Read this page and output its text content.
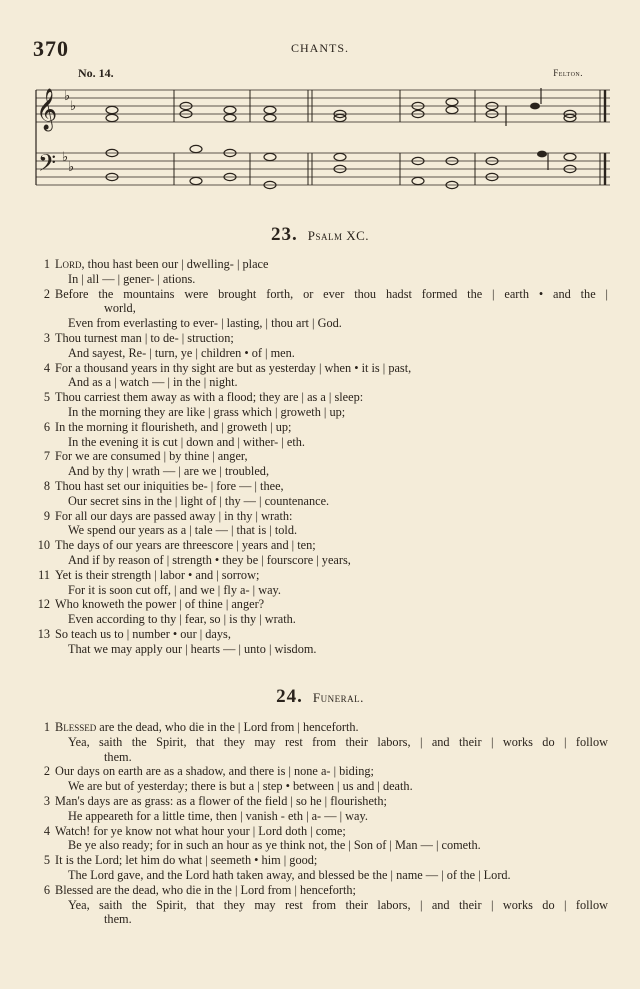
370	CHANTS.
No. 14.	Felton.
𝄞
𝄢
♭
♭
♭
♭
23. Psalm XC.
1 Lord, thou hast been our | dwelling- | place
In | all — | gener- | ations.
2 Before the mountains were brought forth, or ever thou hadst formed the | earth • and the |
world,
Even from everlasting to ever- | lasting, | thou art | God.
3 Thou turnest man | to de- | struction;
And sayest, Re- | turn, ye | children • of | men.
4 For a thousand years in thy sight are but as yesterday | when • it is | past,
And as a | watch — | in the | night.
5 Thou carriest them away as with a flood; they are | as a | sleep:
In the morning they are like | grass which | groweth | up;
6 In the morning it flourisheth, and | groweth | up;
In the evening it is cut | down and | wither- | eth.
7 For we are consumed | by thine | anger,
And by thy | wrath — | are we | troubled,
8 Thou hast set our iniquities be- | fore — | thee,
Our secret sins in the | light of | thy — | countenance.
9 For all our days are passed away | in thy | wrath:
We spend our years as a | tale — | that is | told.
10 The days of our years are threescore | years and | ten;
And if by reason of | strength • they be | fourscore | years,
11 Yet is their strength | labor • and | sorrow;
For it is soon cut off, | and we | fly a- | way.
12 Who knoweth the power | of thine | anger?
Even according to thy | fear, so | is thy | wrath.
13 So teach us to | number • our | days,
That we may apply our | hearts — | unto | wisdom.
24. Funeral.
1 Blessed are the dead, who die in the | Lord from | henceforth.
Yea, saith the Spirit, that they may rest from their labors, | and their | works do | follow
them.
2 Our days on earth are as a shadow, and there is | none a- | biding;
We are but of yesterday; there is but a | step • between | us and | death.
3 Man's days are as grass: as a flower of the field | so he | flourisheth;
He appeareth for a little time, then | vanish - eth | a- — | way.
4 Watch! for ye know not what hour your | Lord doth | come;
Be ye also ready; for in such an hour as ye think not, the | Son of | Man — | cometh.
5 It is the Lord; let him do what | seemeth • him | good;
The Lord gave, and the Lord hath taken away, and blessed be the | name — | of the | Lord.
6 Blessed are the dead, who die in the | Lord from | henceforth;
Yea, saith the Spirit, that they may rest from their labors, | and their | works do | follow
them.
